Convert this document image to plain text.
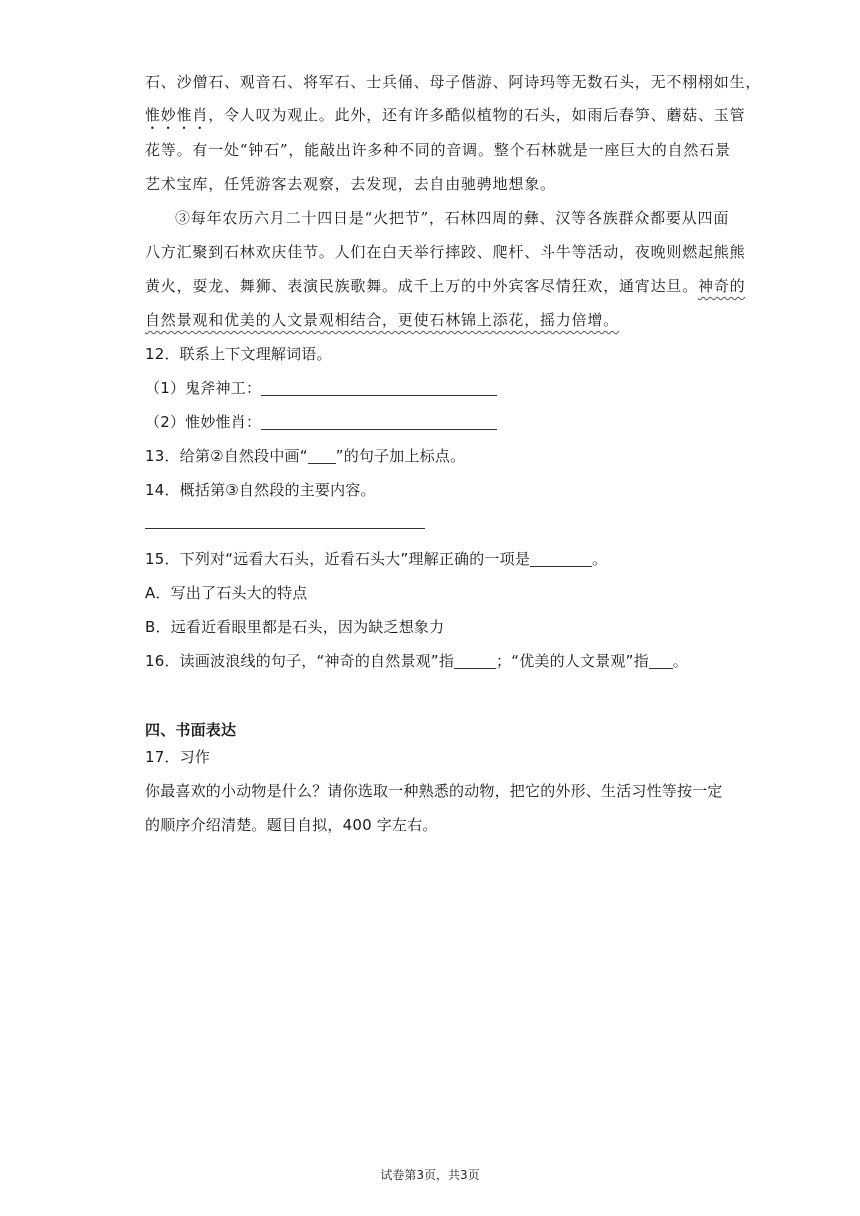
石、沙僧石、观音石、将军石、士兵俑、母子偕游、阿诗玛等无数石头，无不栩栩如生，
惟妙惟肖，令人叹为观止。此外，还有许多酷似植物的石头，如雨后春笋、蘑菇、玉管
花等。有一处“钟石”，能敲出许多种不同的音调。整个石林就是一座巨大的自然石景
艺术宝库，任凭游客去观察，去发现，去自由驰骋地想象。
③每年农历六月二十四日是“火把节”，石林四周的彝、汉等各族群众都要从四面
八方汇聚到石林欢庆佳节。人们在白天举行摔跤、爬杆、斗牛等活动，夜晚则燃起熊熊
黄火，耍龙、舞狮、表演民族歌舞。成千上万的中外宾客尽情狂欢，通宵达旦。神奇的
自然景观和优美的人文景观相结合，更使石林锦上添花，摇力倍增。
12．联系上下文理解词语。
（1）鬼斧神工：
（2）惟妙惟肖：
13．给第②自然段中画“ ”的句子加上标点。
14．概括第③自然段的主要内容。
15．下列对“远看大石头，近看石头大”理解正确的一项是	。
A．写出了石头大的特点
B．远看近看眼里都是石头，因为缺乏想象力
16．读画波浪线的句子，“神奇的自然景观”指	；“优美的人文景观”指 。
四、书面表达
17．习作
你最喜欢的小动物是什么？请你选取一种熟悉的动物，把它的外形、生活习性等按一定
的顺序介绍清楚。题目自拟，400 字左右。
试卷第3页，共3页
